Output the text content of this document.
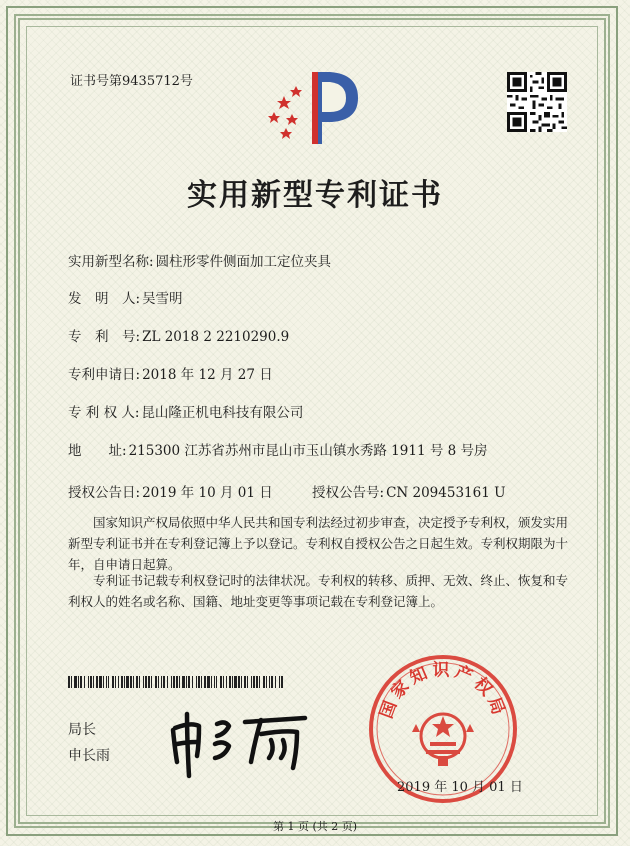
证书号第9435712号
实用新型专利证书
实用新型名称: 圆柱形零件侧面加工定位夹具
发　明　人: 吴雪明
专　利　号: ZL 2018 2 2210290.9
专利申请日: 2018 年 12 月 27 日
专 利 权 人: 昆山隆正机电科技有限公司
地　　址: 215300 江苏省苏州市昆山市玉山镇水秀路 1911 号 8 号房
授权公告日: 2019 年 10 月 01 日	授权公告号: CN 209453161 U
国家知识产权局依照中华人民共和国专利法经过初步审查，决定授予专利权，颁发实用新型专利证书并在专利登记簿上予以登记。专利权自授权公告之日起生效。专利权期限为十年，自申请日起算。
专利证书记载专利权登记时的法律状况。专利权的转移、质押、无效、终止、恢复和专利权人的姓名或名称、国籍、地址变更等事项记载在专利登记簿上。
局长
申长雨
国家知识产权局
2019 年 10 月 01 日
第 1 页 (共 2 页)
